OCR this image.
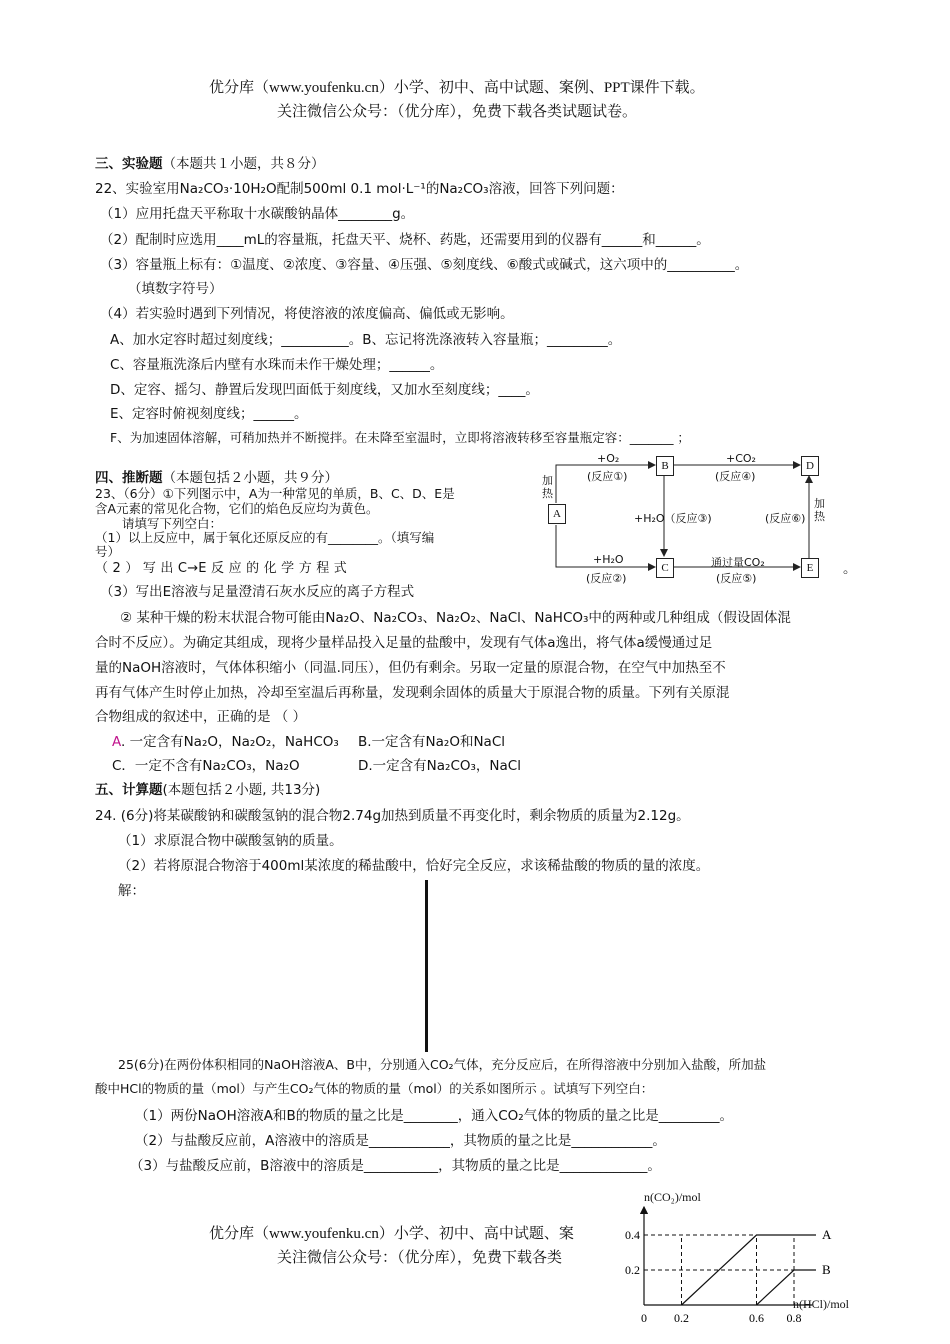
优分库（www.youfenku.cn）小学、初中、高中试题、案例、PPT课件下载。
关注微信公众号：（优分库），免费下载各类试题试卷。
三、实验题（本题共１小题，共８分）
22、实验室用Na₂CO₃·10H₂O配制500ml 0.1 mol·L⁻¹的Na₂CO₃溶液，回答下列问题：
（1）应用托盘天平称取十水碳酸钠晶体________g。
（2）配制时应选用____mL的容量瓶，托盘天平、烧杯、药匙，还需要用到的仪器有______和______。
（3）容量瓶上标有：①温度、②浓度、③容量、④压强、⑤刻度线、⑥酸式或碱式，这六项中的__________。
（填数字符号）
（4）若实验时遇到下列情况，将使溶液的浓度偏高、偏低或无影响。
A、加水定容时超过刻度线；__________。B、忘记将洗涤液转入容量瓶；_________。
C、容量瓶洗涤后内壁有水珠而未作干燥处理；______。
D、定容、摇匀、静置后发现凹面低于刻度线，又加水至刻度线；____。
E、定容时俯视刻度线；______。
F、为加速固体溶解，可稍加热并不断搅拌。在未降至室温时，立即将溶液转移至容量瓶定容：_______ ；
四、推断题（本题包括２小题，共９分）
23、（6分）①下列图示中，A为一种常见的单质，B、C、D、E是
含A元素的常见化合物，它们的焰色反应均为黄色。
请填写下列空白：
（1）以上反应中，属于氧化还原反应的有________。（填写编
号）
（ 2 ） 写 出 C→E 反 应 的 化 学 方 程 式	。
（3）写出E溶液与足量澄清石灰水反应的离子方程式
A
B	D
C	E
加热
加热
+O₂
(反应①)
+CO₂
(反应④)
+H₂O（反应③)	(反应⑥)
+H₂O
(反应②)
通过量CO₂
(反应⑤)
② 某种干燥的粉末状混合物可能由Na₂O、Na₂CO₃、Na₂O₂、NaCl、NaHCO₃中的两种或几种组成（假设固体混
合时不反应）。为确定其组成，现将少量样品投入足量的盐酸中，发现有气体a逸出，将气体a缓慢通过足
量的NaOH溶液时，气体体积缩小（同温.同压），但仍有剩余。另取一定量的原混合物，在空气中加热至不
再有气体产生时停止加热，冷却至室温后再称量，发现剩余固体的质量大于原混合物的质量。下列有关原混
合物组成的叙述中，正确的是 （ ）
A. 一定含有Na₂O，Na₂O₂，NaHCO₃ B.一定含有Na₂O和NaCl
C．一定不含有Na₂CO₃，Na₂O	D.一定含有Na₂CO₃，NaCl
五、计算题(本题包括２小题, 共13分)
24. (6分)将某碳酸钠和碳酸氢钠的混合物2.74g加热到质量不再变化时，剩余物质的质量为2.12g。
（1）求原混合物中碳酸氢钠的质量。
（2）若将原混合物溶于400ml某浓度的稀盐酸中，恰好完全反应，求该稀盐酸的物质的量的浓度。
解：
25(6分)在两份体积相同的NaOH溶液A、B中，分别通入CO₂气体，充分反应后，在所得溶液中分别加入盐酸，所加盐
酸中HCl的物质的量（mol）与产生CO₂气体的物质的量（mol）的关系如图所示 。试填写下列空白：
（1）两份NaOH溶液A和B的物质的量之比是________，通入CO₂气体的物质的量之比是_________。
（2）与盐酸反应前，A溶液中的溶质是____________，其物质的量之比是____________。
（3）与盐酸反应前，B溶液中的溶质是___________，其物质的量之比是_____________。
优分库（www.youfenku.cn）小学、初中、高中试题、案
关注微信公众号：（优分库），免费下载各类
0 0.2	0.6 0.8
0.2
0.4	A
B
n(CO₂)/mol
n(HCl)/mol
